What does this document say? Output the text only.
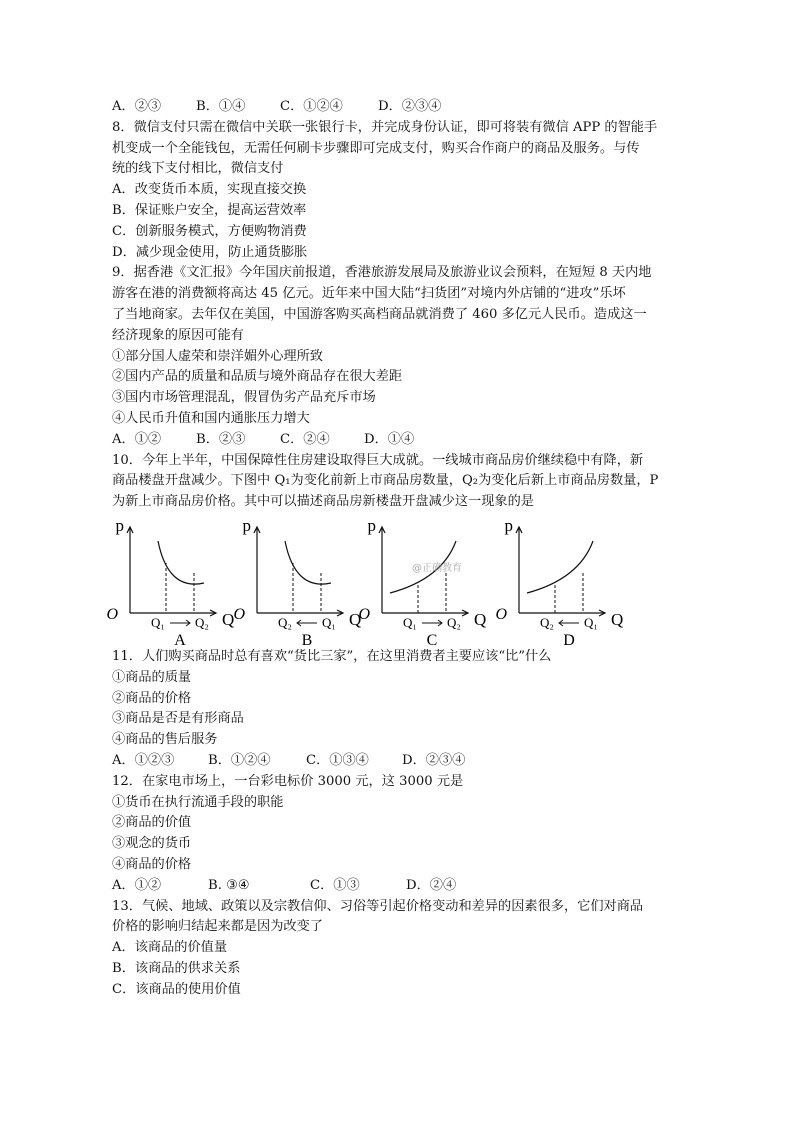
A．②③	B．①④	C．①②④	D．②③④
8．微信支付只需在微信中关联一张银行卡，并完成身份认证，即可将装有微信 APP 的智能手
机变成一个全能钱包，无需任何刷卡步骤即可完成支付，购买合作商户的商品及服务。与传
统的线下支付相比，微信支付
A．改变货币本质，实现直接交换
B．保证账户安全，提高运营效率
C．创新服务模式，方便购物消费
D．减少现金使用，防止通货膨胀
9．据香港《文汇报》今年国庆前报道，香港旅游发展局及旅游业议会预料，在短短 8 天内地
游客在港的消费额将高达 45 亿元。近年来中国大陆“扫货团”对境内外店铺的“进攻”乐坏
了当地商家。去年仅在美国，中国游客购买高档商品就消费了 460 多亿元人民币。造成这一
经济现象的原因可能有
①部分国人虚荣和崇洋媚外心理所致
②国内产品的质量和品质与境外商品存在很大差距
③国内市场管理混乱，假冒伪劣产品充斥市场
④人民币升值和国内通胀压力增大
A．①②	B．②③	C．②④	D．①④
10．今年上半年，中国保障性住房建设取得巨大成就。一线城市商品房价继续稳中有降，新
商品楼盘开盘减少。下图中 Q₁为变化前新上市商品房数量，Q₂为变化后新上市商品房数量，P
为新上市商品房价格。其中可以描述商品房新楼盘开盘减少这一现象的是
p
Q
O	Q₁ Q₂
A
p
Q
O	Q₂ Q₁
B
p
Q
O	Q₁ Q₂
C
p
Q
O	Q₂ Q₁
D
@正确教育
11．人们购买商品时总有喜欢“货比三家”，在这里消费者主要应该“比”什么
①商品的质量
②商品的价格
③商品是否是有形商品
④商品的售后服务
A．①②③	B．①②④	C．①③④	D．②③④
12．在家电市场上，一台彩电标价 3000 元，这 3000 元是
①货币在执行流通手段的职能
②商品的价值
③观念的货币
④商品的价格
A．①②	B. ③④	C．①③	D．②④
13．气候、地域、政策以及宗教信仰、习俗等引起价格变动和差异的因素很多，它们对商品
价格的影响归结起来都是因为改变了
A．该商品的价值量
B．该商品的供求关系
C．该商品的使用价值
